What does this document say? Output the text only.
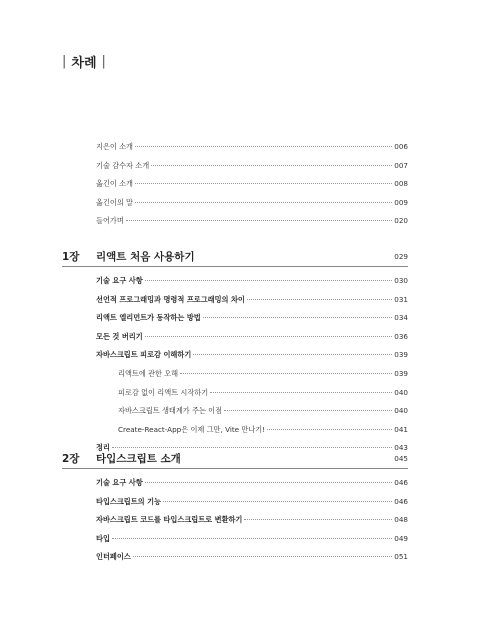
| 차례 |
지은이 소개	006
기술 감수자 소개	007
옮긴이 소개	008
옮긴이의 말	009
들어가며	020
1장	리액트 처음 사용하기	029
기술 요구 사항	030
선언적 프로그래밍과 명령적 프로그래밍의 차이	031
리액트 엘리먼트가 동작하는 방법	034
모든 것 버리기	036
자바스크립트 피로감 이해하기	039
리액트에 관한 오해	039
피로감 없이 리액트 시작하기	040
자바스크립트 생태계가 주는 이점	040
Create-React-App은 이제 그만, Vite 만나기!	041
정리	043
2장	타입스크립트 소개	045
기술 요구 사항	046
타입스크립트의 기능	046
자바스크립트 코드를 타입스크립트로 변환하기	048
타입	049
인터페이스	051
